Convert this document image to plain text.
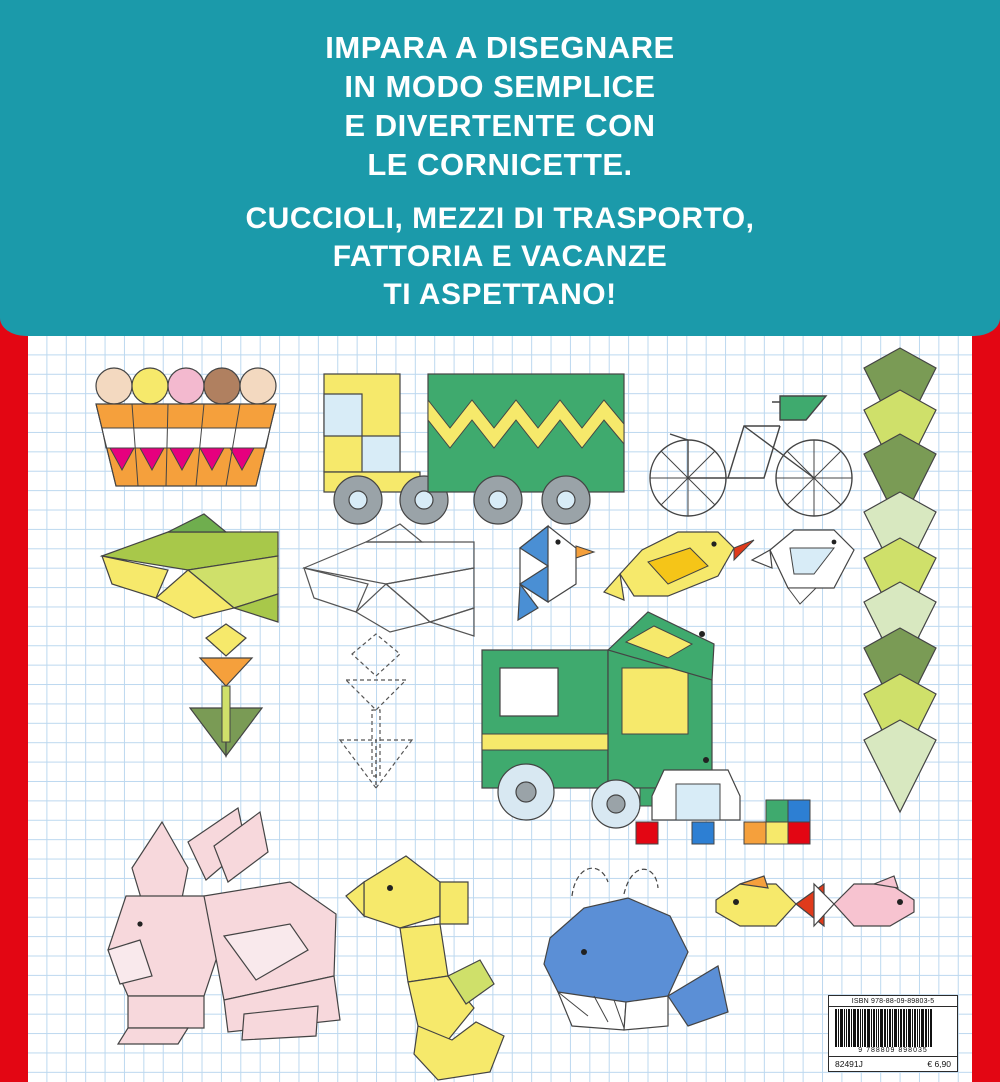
IMPARA A DISEGNARE
IN MODO SEMPLICE
E DIVERTENTE CON
LE CORNICETTE.
CUCCIOLI, MEZZI DI TRASPORTO,
FATTORIA E VACANZE
TI ASPETTANO!
ISBN 978-88-09-89803-5
9 788809 898035
82491J	€ 6,90
